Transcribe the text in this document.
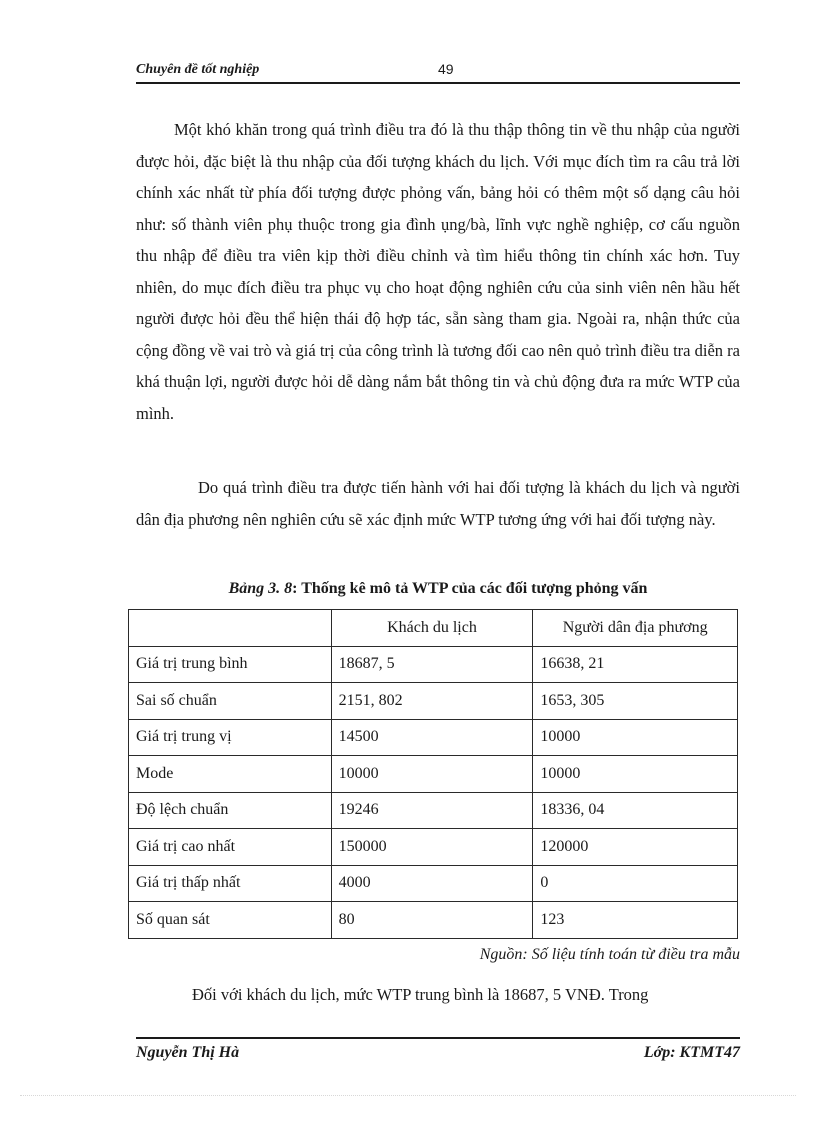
Chuyên đề tốt nghiệp	49

Một khó khăn trong quá trình điều tra đó là thu thập thông tin về thu nhập của người được hỏi, đặc biệt là thu nhập của đối tượng khách du lịch. Với mục đích tìm ra câu trả lời chính xác nhất từ phía đối tượng được phỏng vấn, bảng hỏi có thêm một số dạng câu hỏi như: số thành viên phụ thuộc trong gia đình ụng/bà, lĩnh vực nghề nghiệp, cơ cấu nguồn thu nhập để điều tra viên kịp thời điều chỉnh và tìm hiểu thông tin chính xác hơn. Tuy nhiên, do mục đích điều tra phục vụ cho hoạt động nghiên cứu của sinh viên nên hầu hết người được hỏi đều thể hiện thái độ hợp tác, sẵn sàng tham gia. Ngoài ra, nhận thức của cộng đồng về vai trò và giá trị của công trình là tương đối cao nên quỏ trình điều tra diễn ra khá thuận lợi, người được hỏi dễ dàng nắm bắt thông tin và chủ động đưa ra mức WTP của mình.

Do quá trình điều tra được tiến hành với hai đối tượng là khách du lịch và người dân địa phương nên nghiên cứu sẽ xác định mức WTP tương ứng với hai đối tượng này.

Bảng 3. 8: Thống kê mô tả WTP của các đối tượng phỏng vấn
	Khách du lịch	Người dân địa phương
Giá trị trung bình	18687, 5	16638, 21
Sai số chuẩn	2151, 802	1653, 305
Giá trị trung vị	14500	10000
Mode	10000	10000
Độ lệch chuẩn	19246	18336, 04
Giá trị cao nhất	150000	120000
Giá trị thấp nhất	4000	0
Số quan sát	80	123
Nguồn: Số liệu tính toán từ điều tra mẫu

Đối với khách du lịch, mức WTP trung bình là 18687, 5 VNĐ. Trong

Nguyễn Thị Hà	Lớp: KTMT47
